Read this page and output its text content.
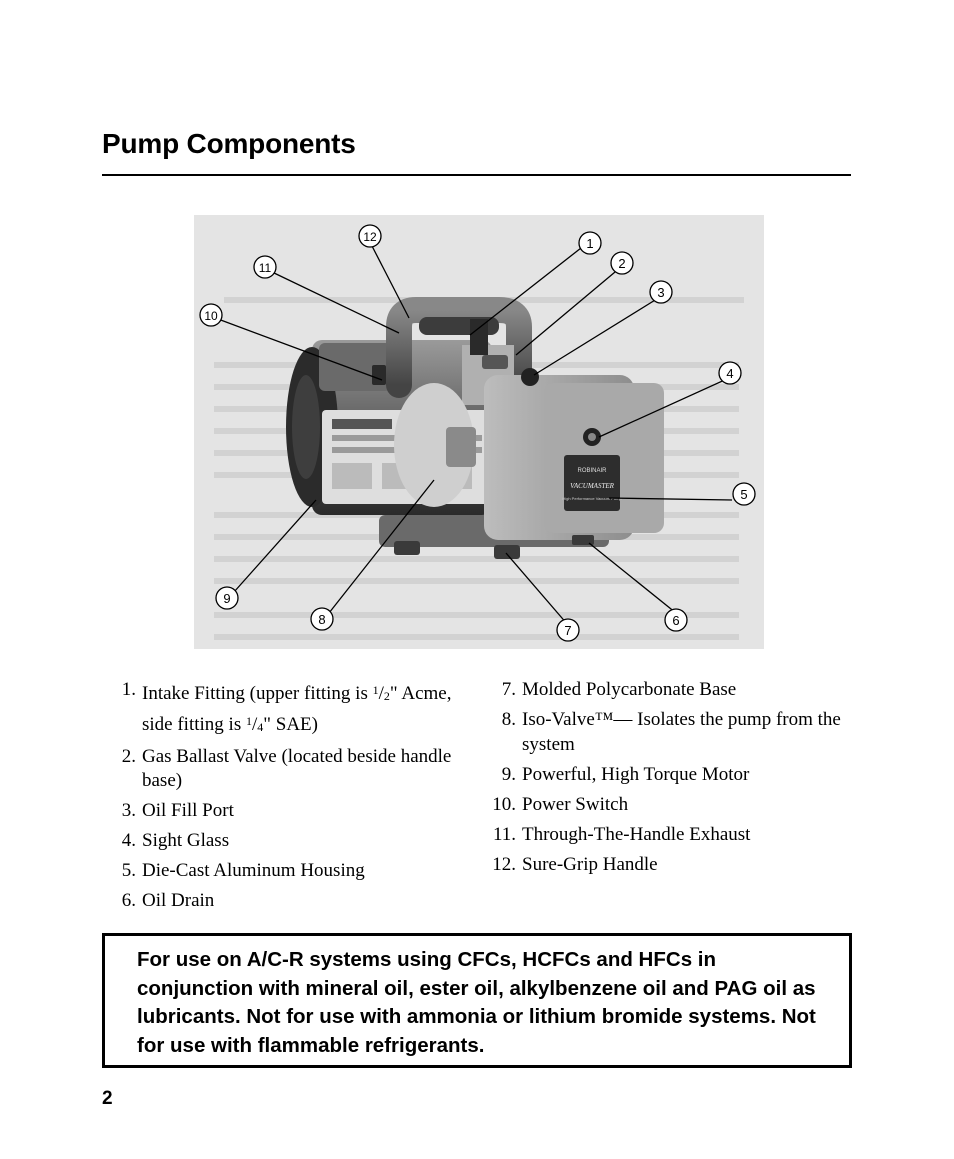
Pump Components
ROBINAIR
VACUMASTER
High Performance Vacuum Pump
1
2
3
4
5
6
7
8
9
10
11
12
1. Intake Fitting (upper fitting is $^1/_2$" Acme, side fitting is $^1/_4$" SAE)
2. Gas Ballast Valve (located beside handle base)
3. Oil Fill Port
4. Sight Glass
5. Die-Cast Aluminum Housing
6. Oil Drain
7. Molded Polycarbonate Base
8. Iso-Valve™— Isolates the pump from the system
9. Powerful, High Torque Motor
10. Power Switch
11. Through-The-Handle Exhaust
12. Sure-Grip Handle
For use on A/C-R systems using CFCs, HCFCs and HFCs in conjunction with mineral oil, ester oil, alkylbenzene oil and PAG oil as lubricants. Not for use with ammonia or lithium bromide systems. Not for use with flammable refrigerants.
2
